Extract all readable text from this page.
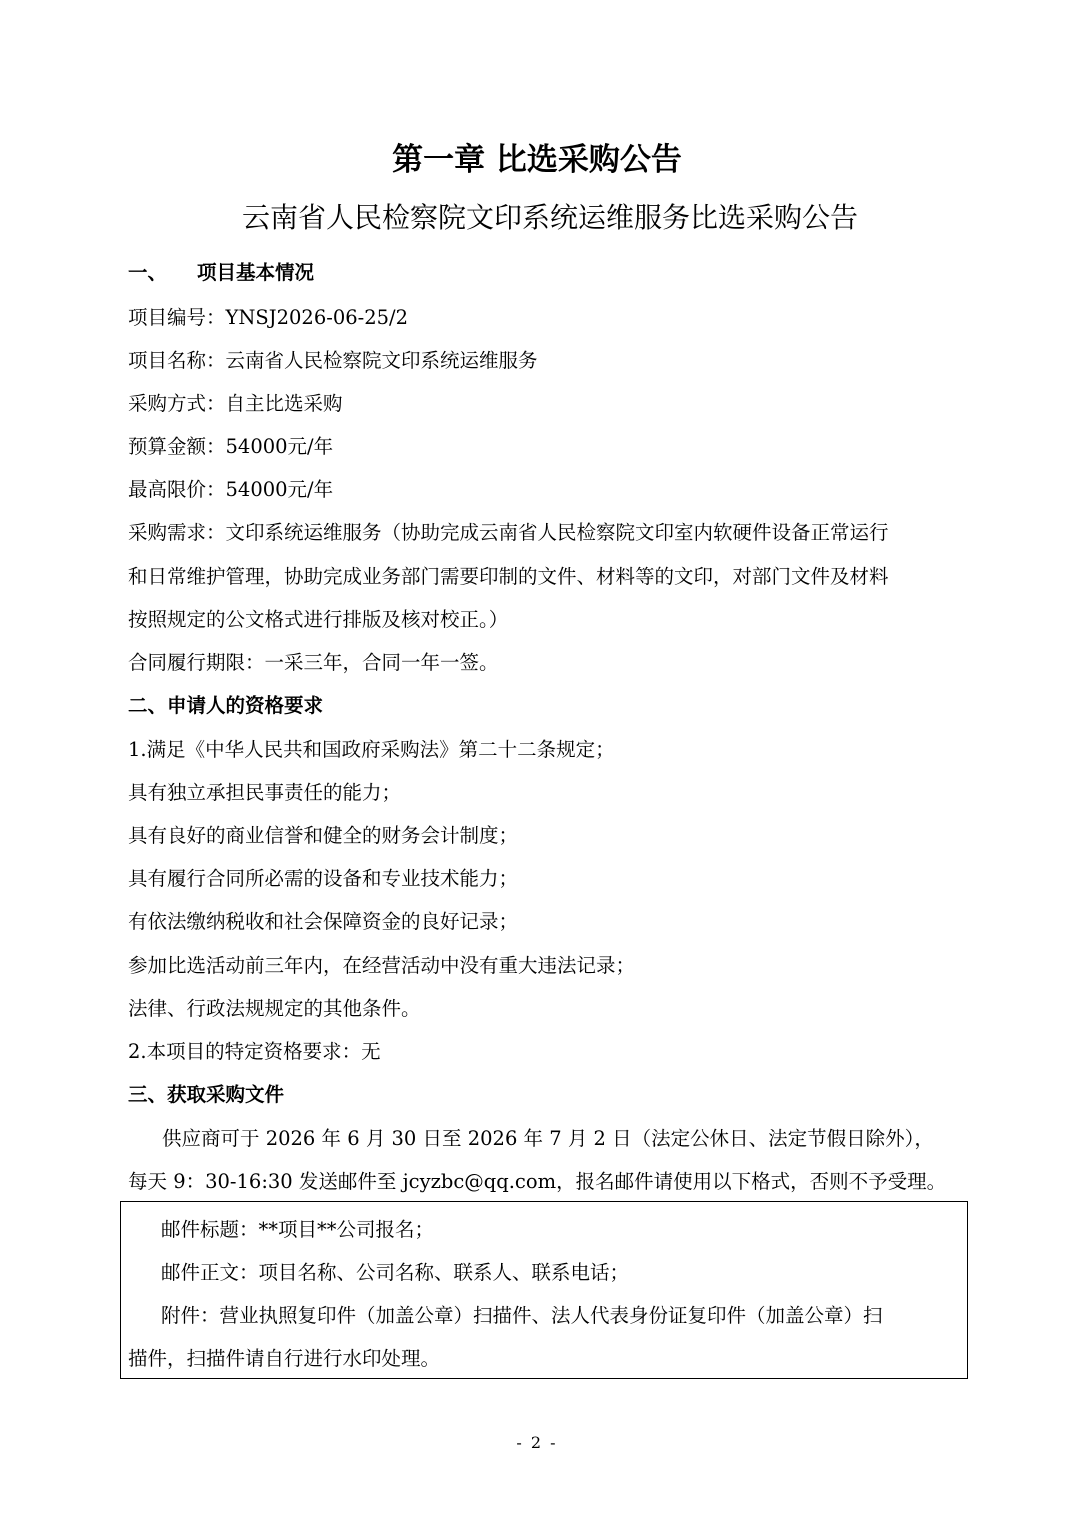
第一章 比选采购公告
云南省人民检察院文印系统运维服务比选采购公告
一、 项目基本情况
项目编号：YNSJ2026-06-25/2
项目名称：云南省人民检察院文印系统运维服务
采购方式：自主比选采购
预算金额：54000元/年
最高限价：54000元/年
采购需求：文印系统运维服务（协助完成云南省人民检察院文印室内软硬件设备正常运行
和日常维护管理，协助完成业务部门需要印制的文件、材料等的文印，对部门文件及材料
按照规定的公文格式进行排版及核对校正。）
合同履行期限：一采三年，合同一年一签。
二、申请人的资格要求
1.满足《中华人民共和国政府采购法》第二十二条规定；
具有独立承担民事责任的能力；
具有良好的商业信誉和健全的财务会计制度；
具有履行合同所必需的设备和专业技术能力；
有依法缴纳税收和社会保障资金的良好记录；
参加比选活动前三年内，在经营活动中没有重大违法记录；
法律、行政法规规定的其他条件。
2.本项目的特定资格要求：无
三、获取采购文件
供应商可于 2026 年 6 月 30 日至 2026 年 7 月 2 日（法定公休日、法定节假日除外），
每天 9：30-16:30 发送邮件至 jcyzbc@qq.com，报名邮件请使用以下格式，否则不予受理。
邮件标题：**项目**公司报名；
邮件正文：项目名称、公司名称、联系人、联系电话；
附件：营业执照复印件（加盖公章）扫描件、法人代表身份证复印件（加盖公章）扫
描件，扫描件请自行进行水印处理。
- 2 -
